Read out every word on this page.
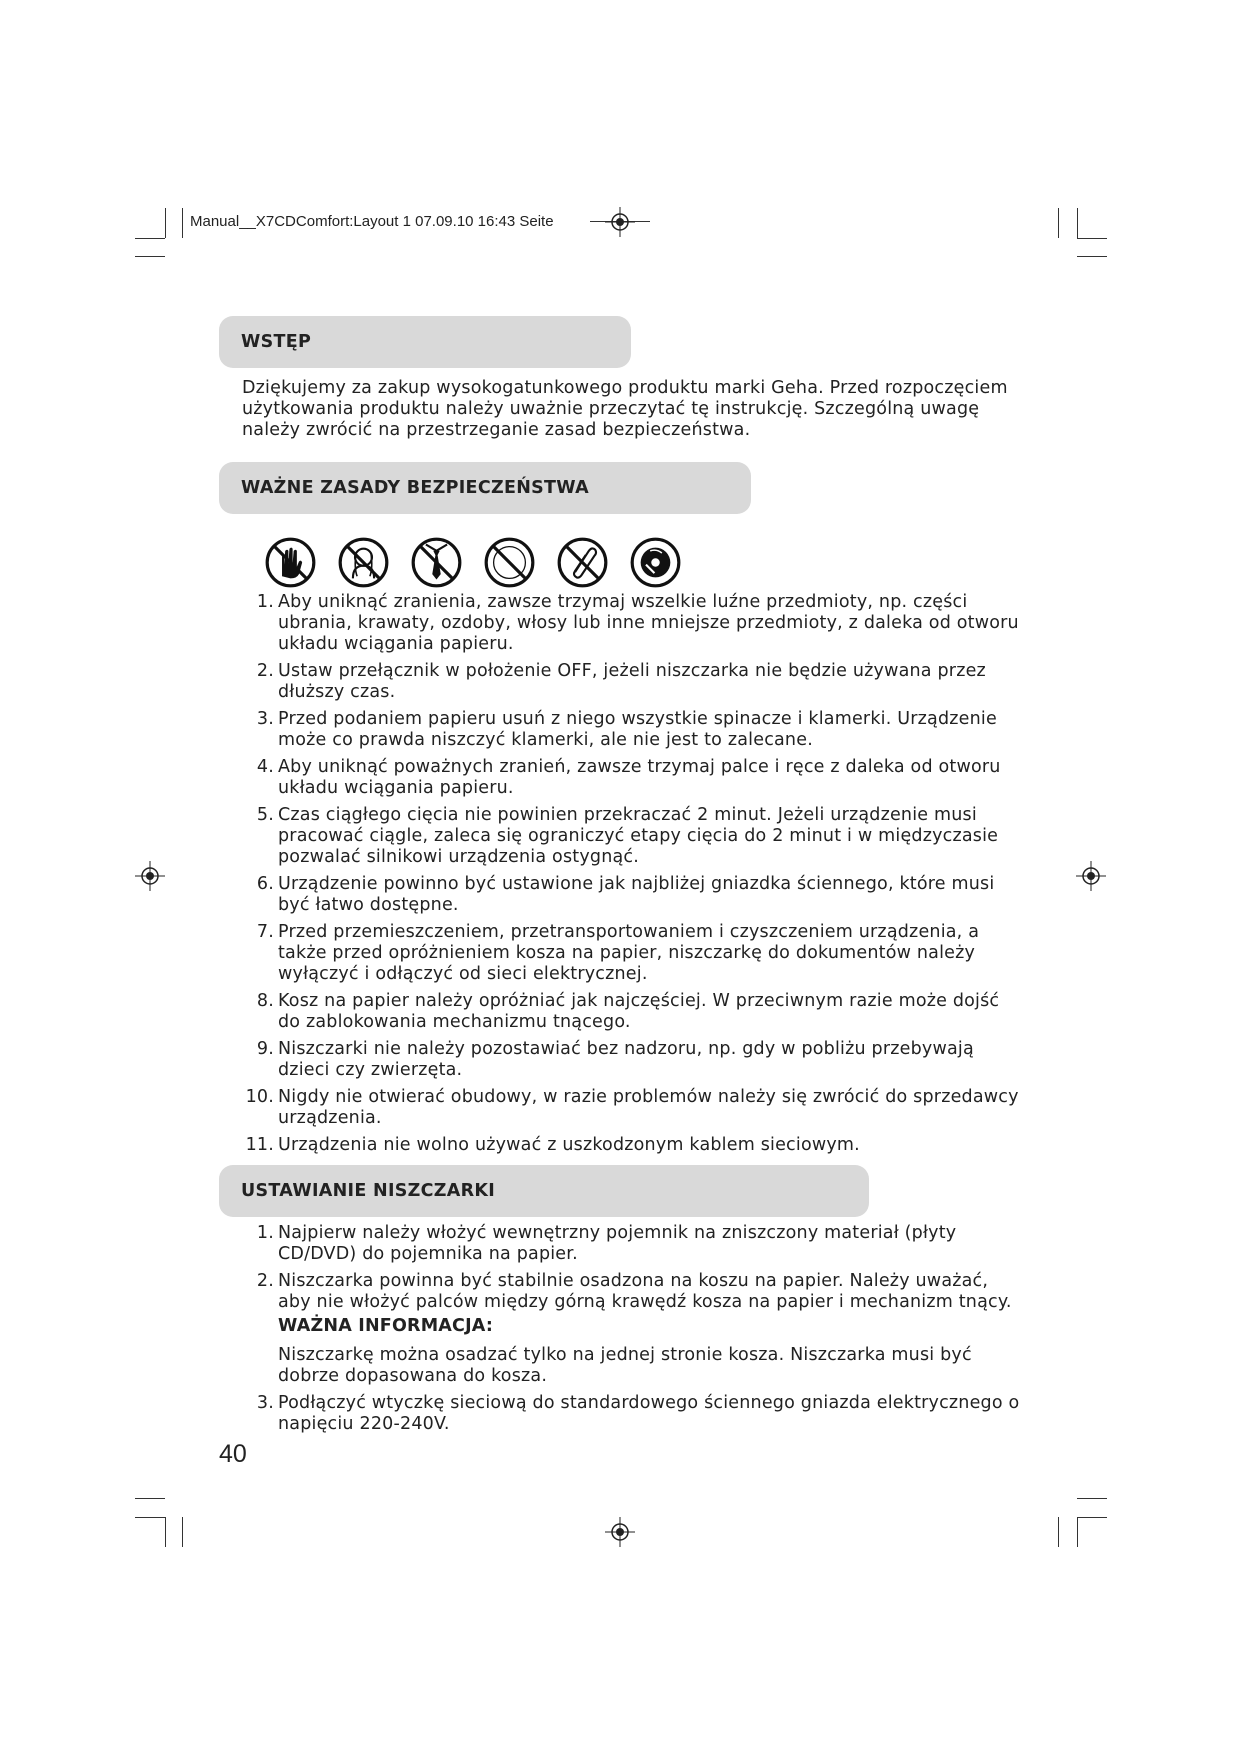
Manual__X7CDComfort:Layout 1 07.09.10 16:43 Seite
WSTĘP
Dziękujemy za zakup wysokogatunkowego produktu marki Geha. Przed rozpoczęciem użytkowania produktu należy uważnie przeczytać tę instrukcję. Szczególną uwagę należy zwrócić na przestrzeganie zasad bezpieczeństwa.
WAŻNE ZASADY BEZPIECZEŃSTWA
1. Aby uniknąć zranienia, zawsze trzymaj wszelkie luźne przedmioty, np. części ubrania, krawaty, ozdoby, włosy lub inne mniejsze przedmioty, z daleka od otworu układu wciągania papieru.
2. Ustaw przełącznik w położenie OFF, jeżeli niszczarka nie będzie używana przez dłuższy czas.
3. Przed podaniem papieru usuń z niego wszystkie spinacze i klamerki. Urządzenie może co prawda niszczyć klamerki, ale nie jest to zalecane.
4. Aby uniknąć poważnych zranień, zawsze trzymaj palce i ręce z daleka od otworu układu wciągania papieru.
5. Czas ciągłego cięcia nie powinien przekraczać 2 minut. Jeżeli urządzenie musi pracować ciągle, zaleca się ograniczyć etapy cięcia do 2 minut i w międzyczasie pozwalać silnikowi urządzenia ostygnąć.
6. Urządzenie powinno być ustawione jak najbliżej gniazdka ściennego, które musi być łatwo dostępne.
7. Przed przemieszczeniem, przetransportowaniem i czyszczeniem urządzenia, a także przed opróżnieniem kosza na papier, niszczarkę do dokumentów należy wyłączyć i odłączyć od sieci elektrycznej.
8. Kosz na papier należy opróżniać jak najczęściej. W przeciwnym razie może dojść do zablokowania mechanizmu tnącego.
9. Niszczarki nie należy pozostawiać bez nadzoru, np. gdy w pobliżu przebywają dzieci czy zwierzęta.
10. Nigdy nie otwierać obudowy, w razie problemów należy się zwrócić do sprzedawcy urządzenia.
11. Urządzenia nie wolno używać z uszkodzonym kablem sieciowym.
USTAWIANIE NISZCZARKI
1. Najpierw należy włożyć wewnętrzny pojemnik na zniszczony materiał (płyty CD/DVD) do pojemnika na papier.
2. Niszczarka powinna być stabilnie osadzona na koszu na papier. Należy uważać, aby nie włożyć palców między górną krawędź kosza na papier i mechanizm tnący.
WAŻNA INFORMACJA:
Niszczarkę można osadzać tylko na jednej stronie kosza. Niszczarka musi być dobrze dopasowana do kosza.
3. Podłączyć wtyczkę sieciową do standardowego ściennego gniazda elektrycznego o napięciu 220-240V.
40
